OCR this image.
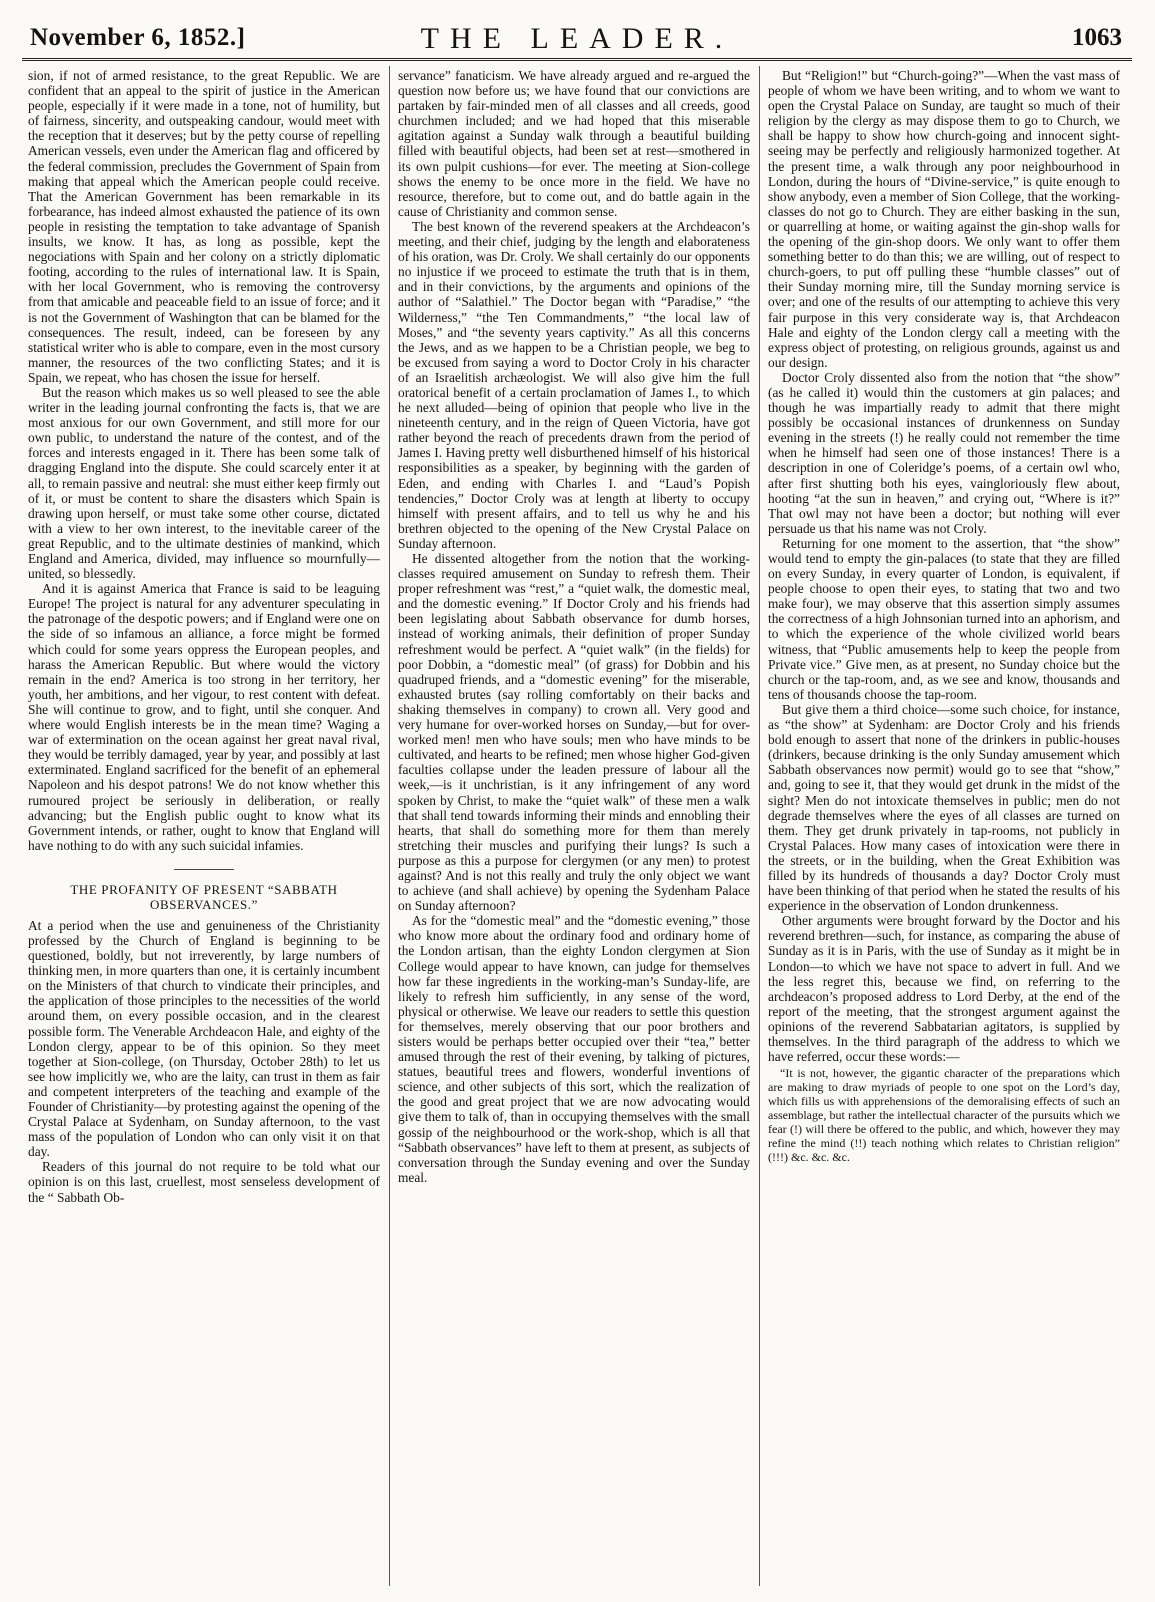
November 6, 1852.]	THE LEADER.	1063

sion, if not of armed resistance, to the great Republic. We are confident that an appeal to the spirit of justice in the American people, especially if it were made in a tone, not of humility, but of fairness, sincerity, and outspeaking candour, would meet with the reception that it deserves; but by the petty course of repelling American vessels, even under the American flag and officered by the federal commission, precludes the Government of Spain from making that appeal which the American people could receive. That the American Government has been remarkable in its forbearance, has indeed almost exhausted the patience of its own people in resisting the temptation to take advantage of Spanish insults, we know. It has, as long as possible, kept the negociations with Spain and her colony on a strictly diplomatic footing, according to the rules of international law. It is Spain, with her local Government, who is removing the controversy from that amicable and peaceable field to an issue of force; and it is not the Government of Washington that can be blamed for the consequences. The result, indeed, can be foreseen by any statistical writer who is able to compare, even in the most cursory manner, the resources of the two conflicting States; and it is Spain, we repeat, who has chosen the issue for herself.

But the reason which makes us so well pleased to see the able writer in the leading journal confronting the facts is, that we are most anxious for our own Government, and still more for our own public, to understand the nature of the contest, and of the forces and interests engaged in it. There has been some talk of dragging England into the dispute. She could scarcely enter it at all, to remain passive and neutral: she must either keep firmly out of it, or must be content to share the disasters which Spain is drawing upon herself, or must take some other course, dictated with a view to her own interest, to the inevitable career of the great Republic, and to the ultimate destinies of mankind, which England and America, divided, may influence so mournfully—united, so blessedly.

And it is against America that France is said to be leaguing Europe! The project is natural for any adventurer speculating in the patronage of the despotic powers; and if England were one on the side of so infamous an alliance, a force might be formed which could for some years oppress the European peoples, and harass the American Republic. But where would the victory remain in the end? America is too strong in her territory, her youth, her ambitions, and her vigour, to rest content with defeat. She will continue to grow, and to fight, until she conquer. And where would English interests be in the mean time? Waging a war of extermination on the ocean against her great naval rival, they would be terribly damaged, year by year, and possibly at last exterminated. England sacrificed for the benefit of an ephemeral Napoleon and his despot patrons! We do not know whether this rumoured project be seriously in deliberation, or really advancing; but the English public ought to know what its Government intends, or rather, ought to know that England will have nothing to do with any such suicidal infamies.

THE PROFANITY OF PRESENT “SABBATH OBSERVANCES.”

At a period when the use and genuineness of the Christianity professed by the Church of England is beginning to be questioned, boldly, but not irreverently, by large numbers of thinking men, in more quarters than one, it is certainly incumbent on the Ministers of that church to vindicate their principles, and the application of those principles to the necessities of the world around them, on every possible occasion, and in the clearest possible form. The Venerable Archdeacon Hale, and eighty of the London clergy, appear to be of this opinion. So they meet together at Sion-college, (on Thursday, October 28th) to let us see how implicitly we, who are the laity, can trust in them as fair and competent interpreters of the teaching and example of the Founder of Christianity—by protesting against the opening of the Crystal Palace at Sydenham, on Sunday afternoon, to the vast mass of the population of London who can only visit it on that day.

Readers of this journal do not require to be told what our opinion is on this last, cruellest, most senseless development of the “ Sabbath Ob-

servance” fanaticism. We have already argued and re-argued the question now before us; we have found that our convictions are partaken by fair-minded men of all classes and all creeds, good churchmen included; and we had hoped that this miserable agitation against a Sunday walk through a beautiful building filled with beautiful objects, had been set at rest—smothered in its own pulpit cushions—for ever. The meeting at Sion-college shows the enemy to be once more in the field. We have no resource, therefore, but to come out, and do battle again in the cause of Christianity and common sense.

The best known of the reverend speakers at the Archdeacon’s meeting, and their chief, judging by the length and elaborateness of his oration, was Dr. Croly. We shall certainly do our opponents no injustice if we proceed to estimate the truth that is in them, and in their convictions, by the arguments and opinions of the author of “Salathiel.” The Doctor began with “Paradise,” “the Wilderness,” “the Ten Commandments,” “the local law of Moses,” and “the seventy years captivity.” As all this concerns the Jews, and as we happen to be a Christian people, we beg to be excused from saying a word to Doctor Croly in his character of an Israelitish archæologist. We will also give him the full oratorical benefit of a certain proclamation of James I., to which he next alluded—being of opinion that people who live in the nineteenth century, and in the reign of Queen Victoria, have got rather beyond the reach of precedents drawn from the period of James I. Having pretty well disburthened himself of his historical responsibilities as a speaker, by beginning with the garden of Eden, and ending with Charles I. and “Laud’s Popish tendencies,” Doctor Croly was at length at liberty to occupy himself with present affairs, and to tell us why he and his brethren objected to the opening of the New Crystal Palace on Sunday afternoon.

He dissented altogether from the notion that the working-classes required amusement on Sunday to refresh them. Their proper refreshment was “rest,” a “quiet walk, the domestic meal, and the domestic evening.” If Doctor Croly and his friends had been legislating about Sabbath observance for dumb horses, instead of working animals, their definition of proper Sunday refreshment would be perfect. A “quiet walk” (in the fields) for poor Dobbin, a “domestic meal” (of grass) for Dobbin and his quadruped friends, and a “domestic evening” for the miserable, exhausted brutes (say rolling comfortably on their backs and shaking themselves in company) to crown all. Very good and very humane for over-worked horses on Sunday,—but for over-worked men! men who have souls; men who have minds to be cultivated, and hearts to be refined; men whose higher God-given faculties collapse under the leaden pressure of labour all the week,—is it unchristian, is it any infringement of any word spoken by Christ, to make the “quiet walk” of these men a walk that shall tend towards informing their minds and ennobling their hearts, that shall do something more for them than merely stretching their muscles and purifying their lungs? Is such a purpose as this a purpose for clergymen (or any men) to protest against? And is not this really and truly the only object we want to achieve (and shall achieve) by opening the Sydenham Palace on Sunday afternoon?

As for the “domestic meal” and the “domestic evening,” those who know more about the ordinary food and ordinary home of the London artisan, than the eighty London clergymen at Sion College would appear to have known, can judge for themselves how far these ingredients in the working-man’s Sunday-life, are likely to refresh him sufficiently, in any sense of the word, physical or otherwise. We leave our readers to settle this question for themselves, merely observing that our poor brothers and sisters would be perhaps better occupied over their “tea,” better amused through the rest of their evening, by talking of pictures, statues, beautiful trees and flowers, wonderful inventions of science, and other subjects of this sort, which the realization of the good and great project that we are now advocating would give them to talk of, than in occupying themselves with the small gossip of the neighbourhood or the work-shop, which is all that “Sabbath observances” have left to them at present, as subjects of conversation through the Sunday evening and over the Sunday meal.

But “Religion!” but “Church-going?”—When the vast mass of people of whom we have been writing, and to whom we want to open the Crystal Palace on Sunday, are taught so much of their religion by the clergy as may dispose them to go to Church, we shall be happy to show how church-going and innocent sight-seeing may be perfectly and religiously harmonized together. At the present time, a walk through any poor neighbourhood in London, during the hours of “Divine-service,” is quite enough to show anybody, even a member of Sion College, that the working-classes do not go to Church. They are either basking in the sun, or quarrelling at home, or waiting against the gin-shop walls for the opening of the gin-shop doors. We only want to offer them something better to do than this; we are willing, out of respect to church-goers, to put off pulling these “humble classes” out of their Sunday morning mire, till the Sunday morning service is over; and one of the results of our attempting to achieve this very fair purpose in this very considerate way is, that Archdeacon Hale and eighty of the London clergy call a meeting with the express object of protesting, on religious grounds, against us and our design.

Doctor Croly dissented also from the notion that “the show” (as he called it) would thin the customers at gin palaces; and though he was impartially ready to admit that there might possibly be occasional instances of drunkenness on Sunday evening in the streets (!) he really could not remember the time when he himself had seen one of those instances! There is a description in one of Coleridge’s poems, of a certain owl who, after first shutting both his eyes, vaingloriously flew about, hooting “at the sun in heaven,” and crying out, “Where is it?” That owl may not have been a doctor; but nothing will ever persuade us that his name was not Croly.

Returning for one moment to the assertion, that “the show” would tend to empty the gin-palaces (to state that they are filled on every Sunday, in every quarter of London, is equivalent, if people choose to open their eyes, to stating that two and two make four), we may observe that this assertion simply assumes the correctness of a high Johnsonian turned into an aphorism, and to which the experience of the whole civilized world bears witness, that “Public amusements help to keep the people from Private vice.” Give men, as at present, no Sunday choice but the church or the tap-room, and, as we see and know, thousands and tens of thousands choose the tap-room.

But give them a third choice—some such choice, for instance, as “the show” at Sydenham: are Doctor Croly and his friends bold enough to assert that none of the drinkers in public-houses (drinkers, because drinking is the only Sunday amusement which Sabbath observances now permit) would go to see that “show,” and, going to see it, that they would get drunk in the midst of the sight? Men do not intoxicate themselves in public; men do not degrade themselves where the eyes of all classes are turned on them. They get drunk privately in tap-rooms, not publicly in Crystal Palaces. How many cases of intoxication were there in the streets, or in the building, when the Great Exhibition was filled by its hundreds of thousands a day? Doctor Croly must have been thinking of that period when he stated the results of his experience in the observation of London drunkenness.

Other arguments were brought forward by the Doctor and his reverend brethren—such, for instance, as comparing the abuse of Sunday as it is in Paris, with the use of Sunday as it might be in London—to which we have not space to advert in full. And we the less regret this, because we find, on referring to the archdeacon’s proposed address to Lord Derby, at the end of the report of the meeting, that the strongest argument against the opinions of the reverend Sabbatarian agitators, is supplied by themselves. In the third paragraph of the address to which we have referred, occur these words:—

“It is not, however, the gigantic character of the preparations which are making to draw myriads of people to one spot on the Lord’s day, which fills us with apprehensions of the demoralising effects of such an assemblage, but rather the intellectual character of the pursuits which we fear (!) will there be offered to the public, and which, however they may refine the mind (!!) teach nothing which relates to Christian religion” (!!!) &c. &c. &c.
